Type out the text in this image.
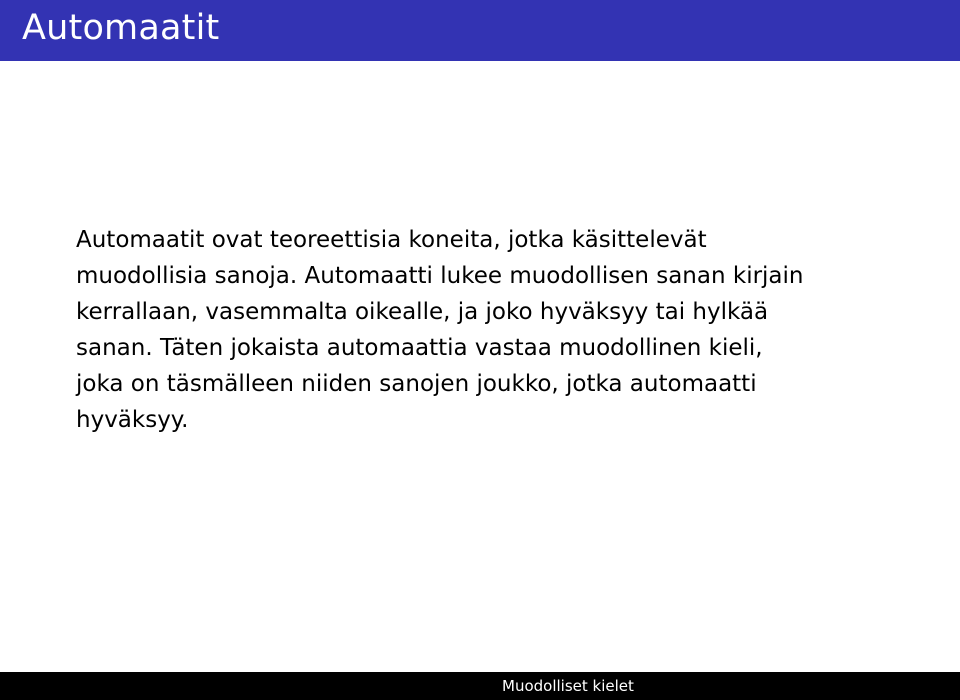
Automaatit
Automaatit ovat teoreettisia koneita, jotka käsittelevät
muodollisia sanoja. Automaatti lukee muodollisen sanan kirjain
kerrallaan, vasemmalta oikealle, ja joko hyväksyy tai hylkää
sanan. Täten jokaista automaattia vastaa muodollinen kieli,
joka on täsmälleen niiden sanojen joukko, jotka automaatti
hyväksyy.
Muodolliset kielet
